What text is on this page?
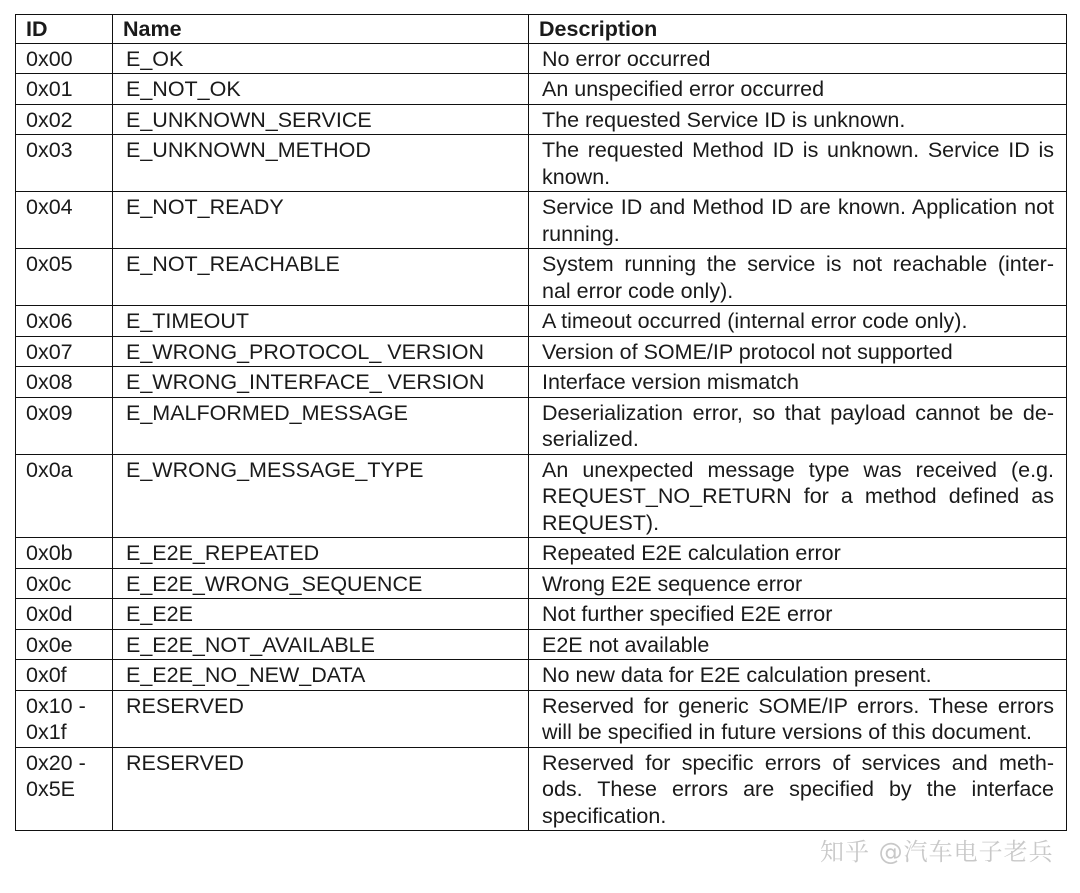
ID	Name	Description
0x00	E_OK	No error occurred
0x01	E_NOT_OK	An unspecified error occurred
0x02	E_UNKNOWN_SERVICE	The requested Service ID is unknown.
0x03	E_UNKNOWN_METHOD	The requested Method ID is unknown. Service ID is known.
0x04	E_NOT_READY	Service ID and Method ID are known. Application not running.
0x05	E_NOT_REACHABLE	System running the service is not reachable (inter- nal error code only).
0x06	E_TIMEOUT	A timeout occurred (internal error code only).
0x07	E_WRONG_PROTOCOL_ VERSION	Version of SOME/IP protocol not supported
0x08	E_WRONG_INTERFACE_ VERSION	Interface version mismatch
0x09	E_MALFORMED_MESSAGE	Deserialization error, so that payload cannot be de- serialized.
0x0a	E_WRONG_MESSAGE_TYPE	An unexpected message type was received (e.g. REQUEST_NO_RETURN for a method defined as REQUEST).
0x0b	E_E2E_REPEATED	Repeated E2E calculation error
0x0c	E_E2E_WRONG_SEQUENCE	Wrong E2E sequence error
0x0d	E_E2E	Not further specified E2E error
0x0e	E_E2E_NOT_AVAILABLE	E2E not available
0x0f	E_E2E_NO_NEW_DATA	No new data for E2E calculation present.
0x10 - 0x1f	RESERVED	Reserved for generic SOME/IP errors. These errors will be specified in future versions of this document.
0x20 - 0x5E	RESERVED	Reserved for specific errors of services and meth- ods. These errors are specified by the interface specification.
知乎 @汽车电子老兵
